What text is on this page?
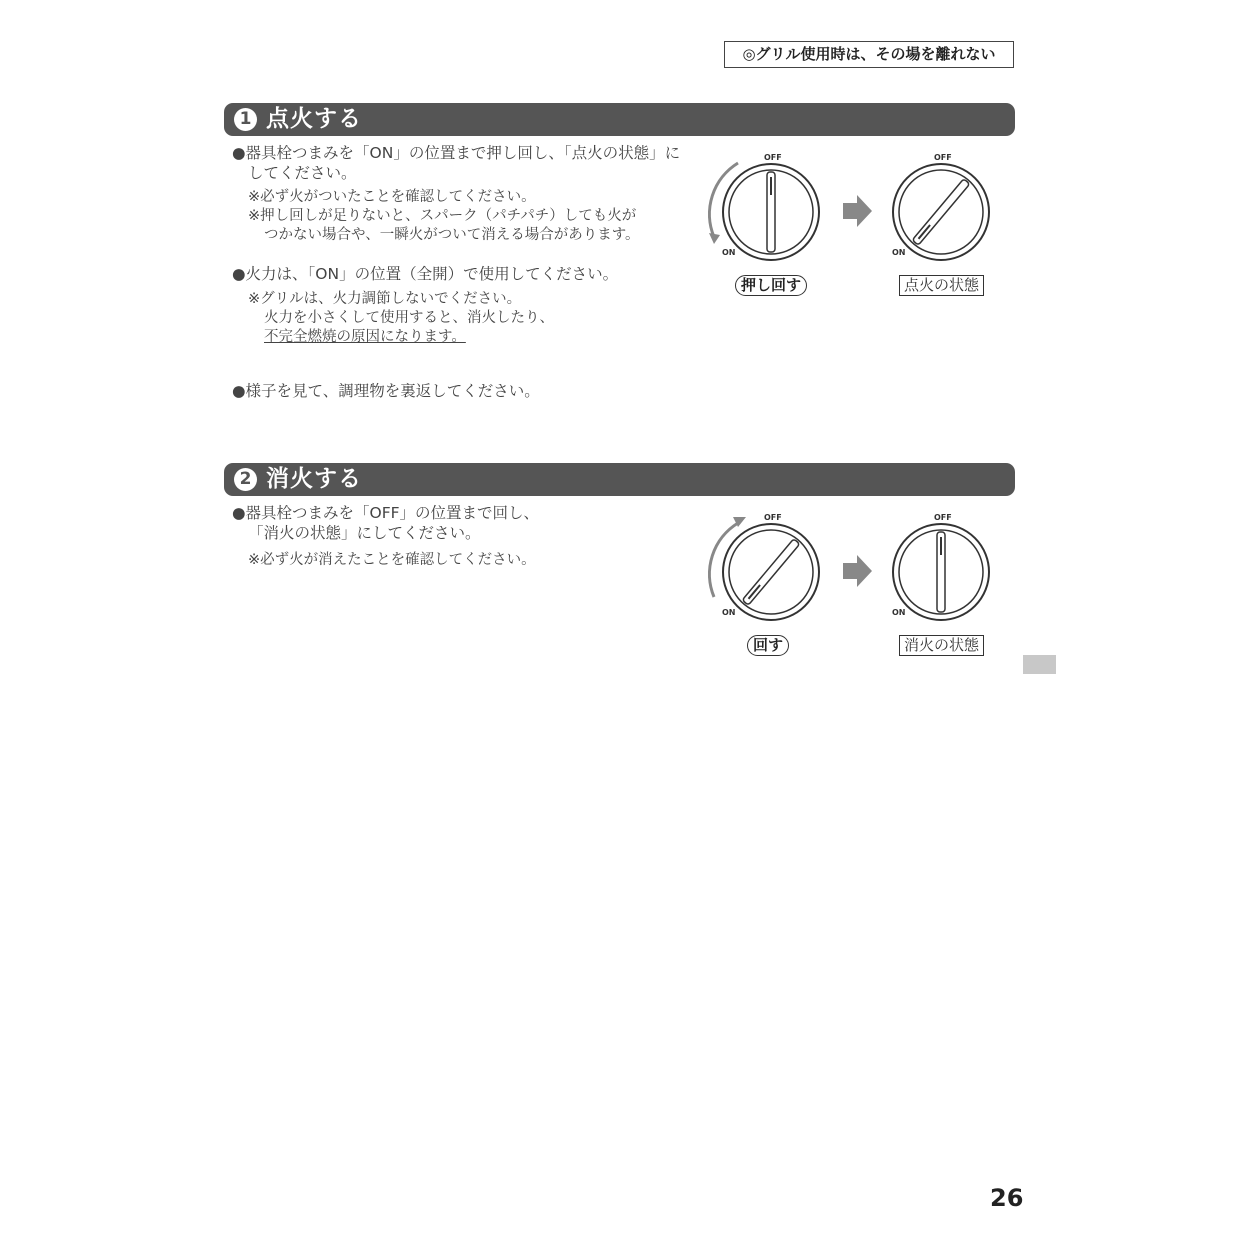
◎グリル使用時は、その場を離れない
1 点火する
●器具栓つまみを「ON」の位置まで押し回し、「点火の状態」に
してください。
※必ず火がついたことを確認してください。
※押し回しが足りないと、スパーク（パチパチ）しても火が
つかない場合や、一瞬火がついて消える場合があります。
●火力は、「ON」の位置（全開）で使用してください。
※グリルは、火力調節しないでください。
火力を小さくして使用すると、消火したり、
不完全燃焼の原因になります。
●様子を見て、調理物を裏返してください。
OFF
ON
OFF
ON
押し回す	点火の状態
2 消火する
●器具栓つまみを「OFF」の位置まで回し、
「消火の状態」にしてください。
※必ず火が消えたことを確認してください。
OFF
ON
OFF
ON
回す	消火の状態
26
